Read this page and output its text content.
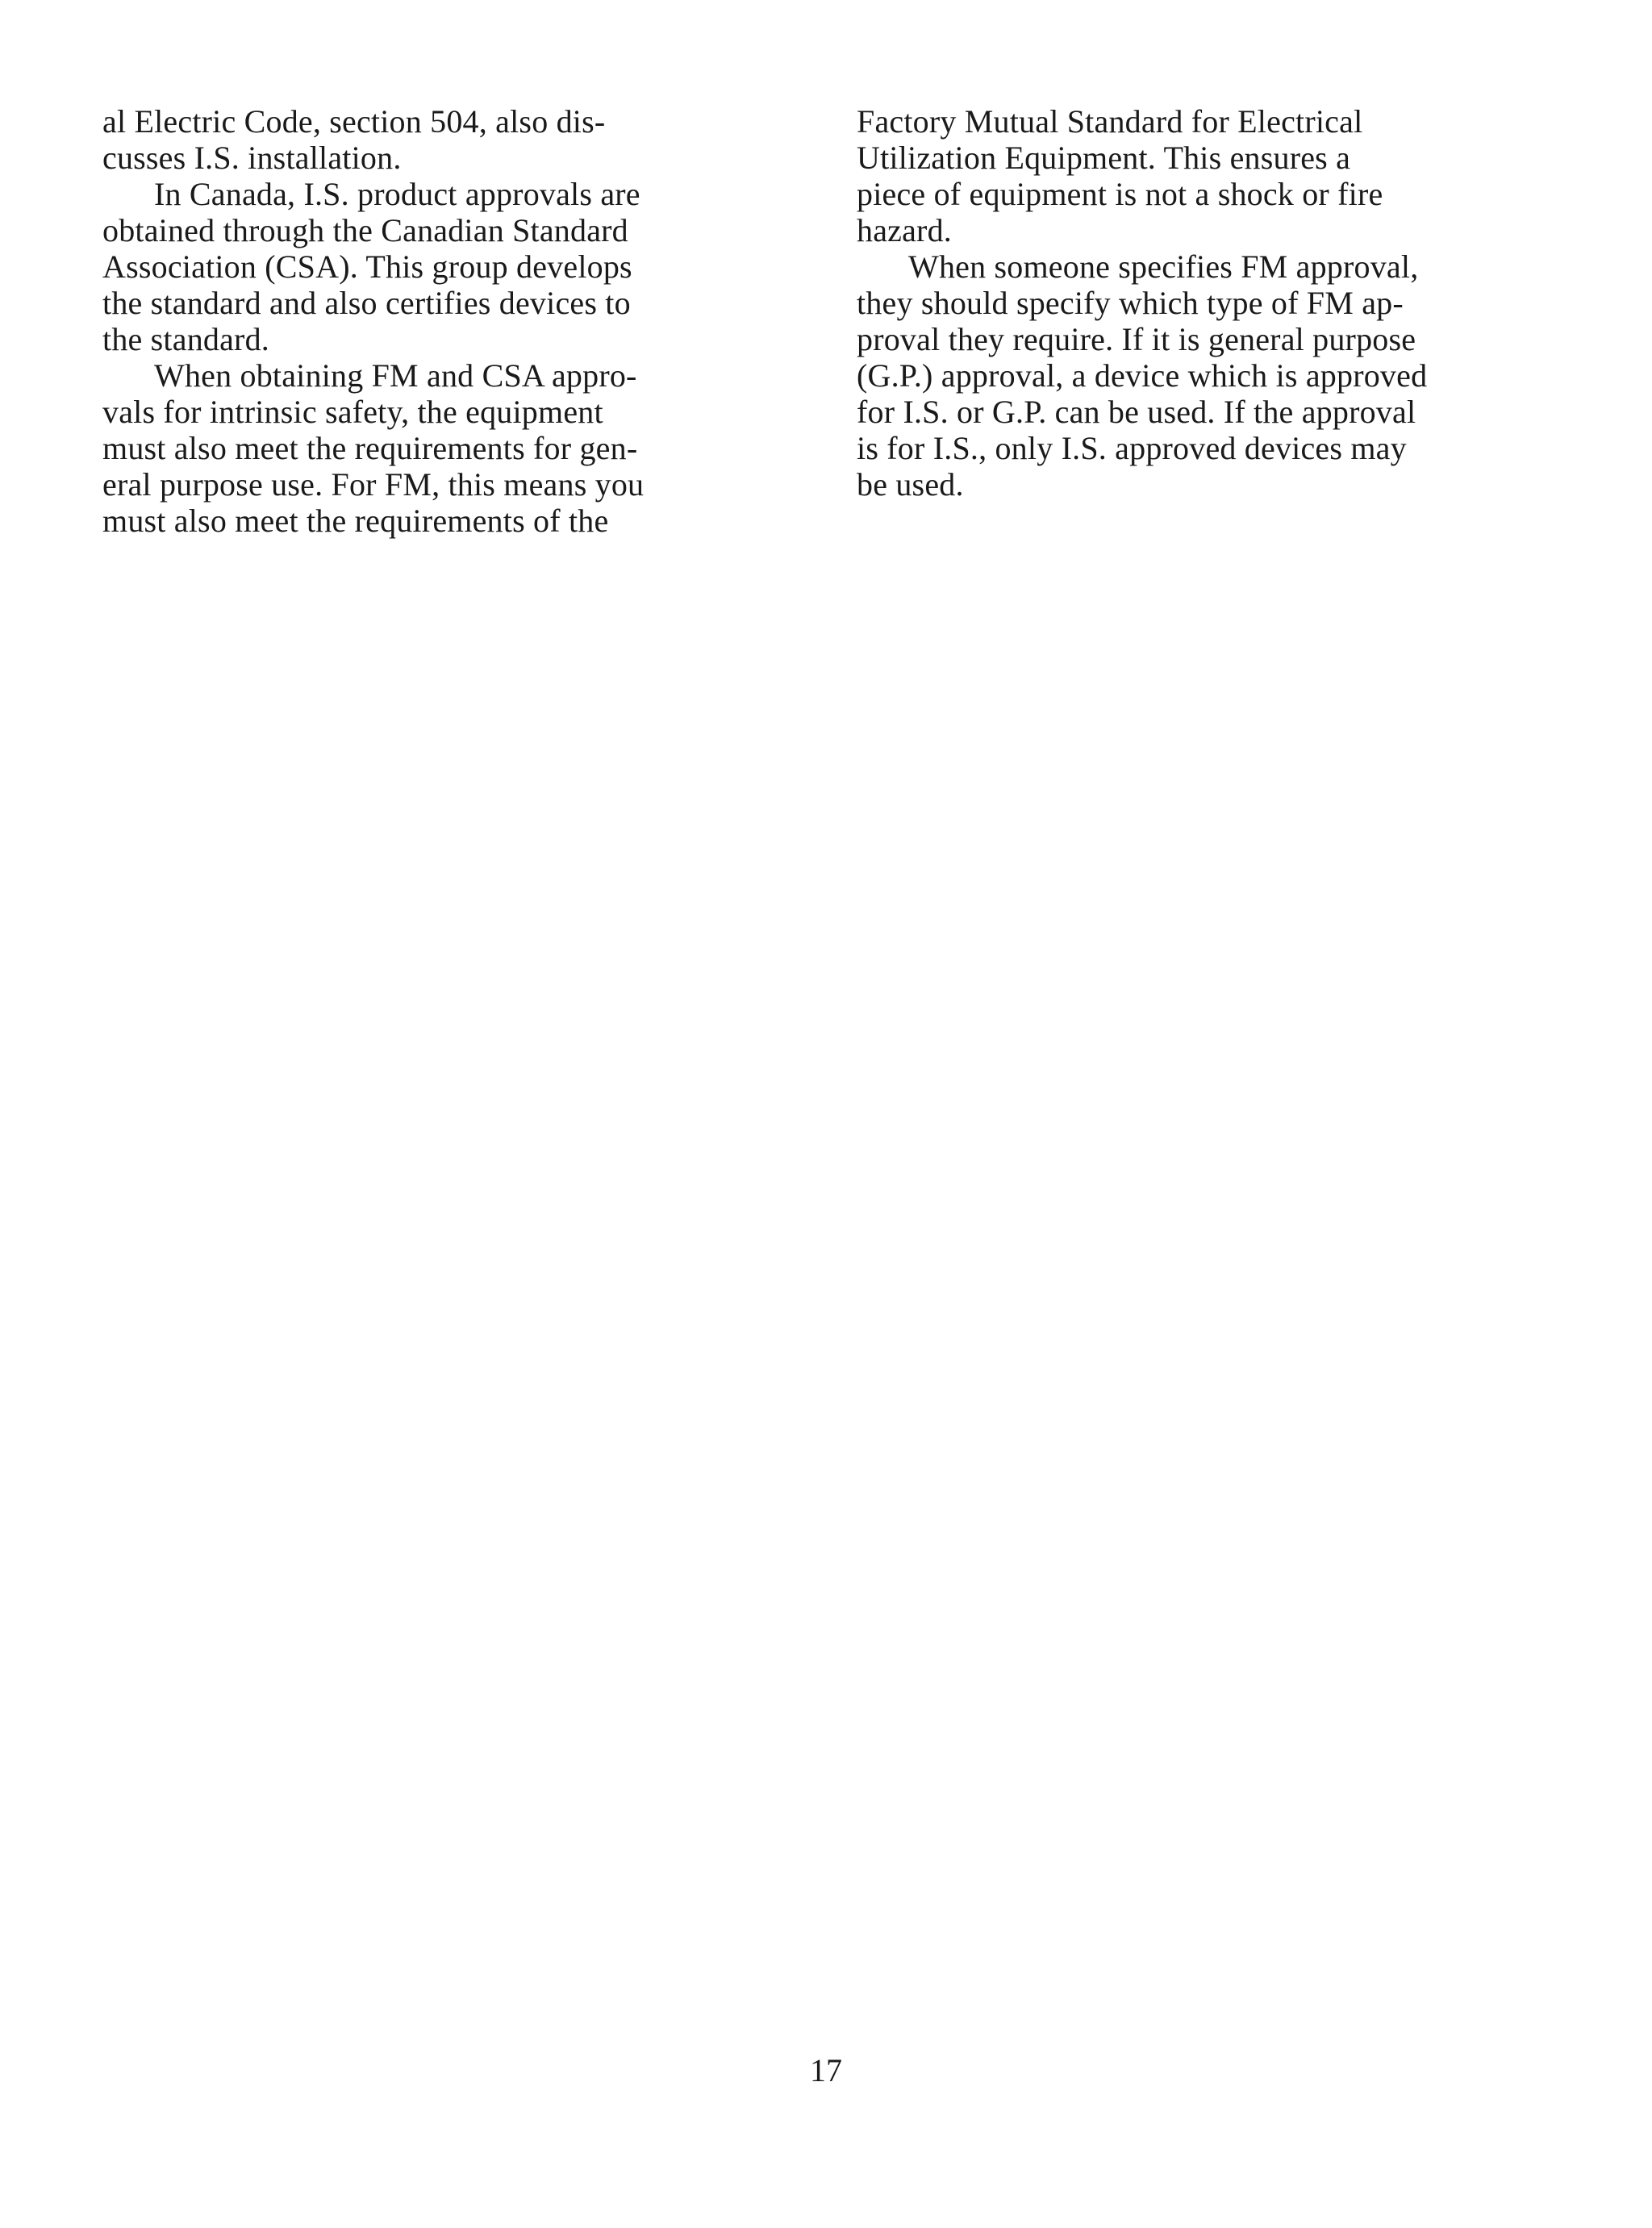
al Electric Code, section 504, also dis-
cusses I.S. installation.
In Canada, I.S. product approvals are
obtained through the Canadian Standard
Association (CSA). This group develops
the standard and also certifies devices to
the standard.
When obtaining FM and CSA appro-
vals for intrinsic safety, the equipment
must also meet the requirements for gen-
eral purpose use. For FM, this means you
must also meet the requirements of the
Factory Mutual Standard for Electrical
Utilization Equipment. This ensures a
piece of equipment is not a shock or fire
hazard.
When someone specifies FM approval,
they should specify which type of FM ap-
proval they require. If it is general purpose
(G.P.) approval, a device which is approved
for I.S. or G.P. can be used. If the approval
is for I.S., only I.S. approved devices may
be used.
17
